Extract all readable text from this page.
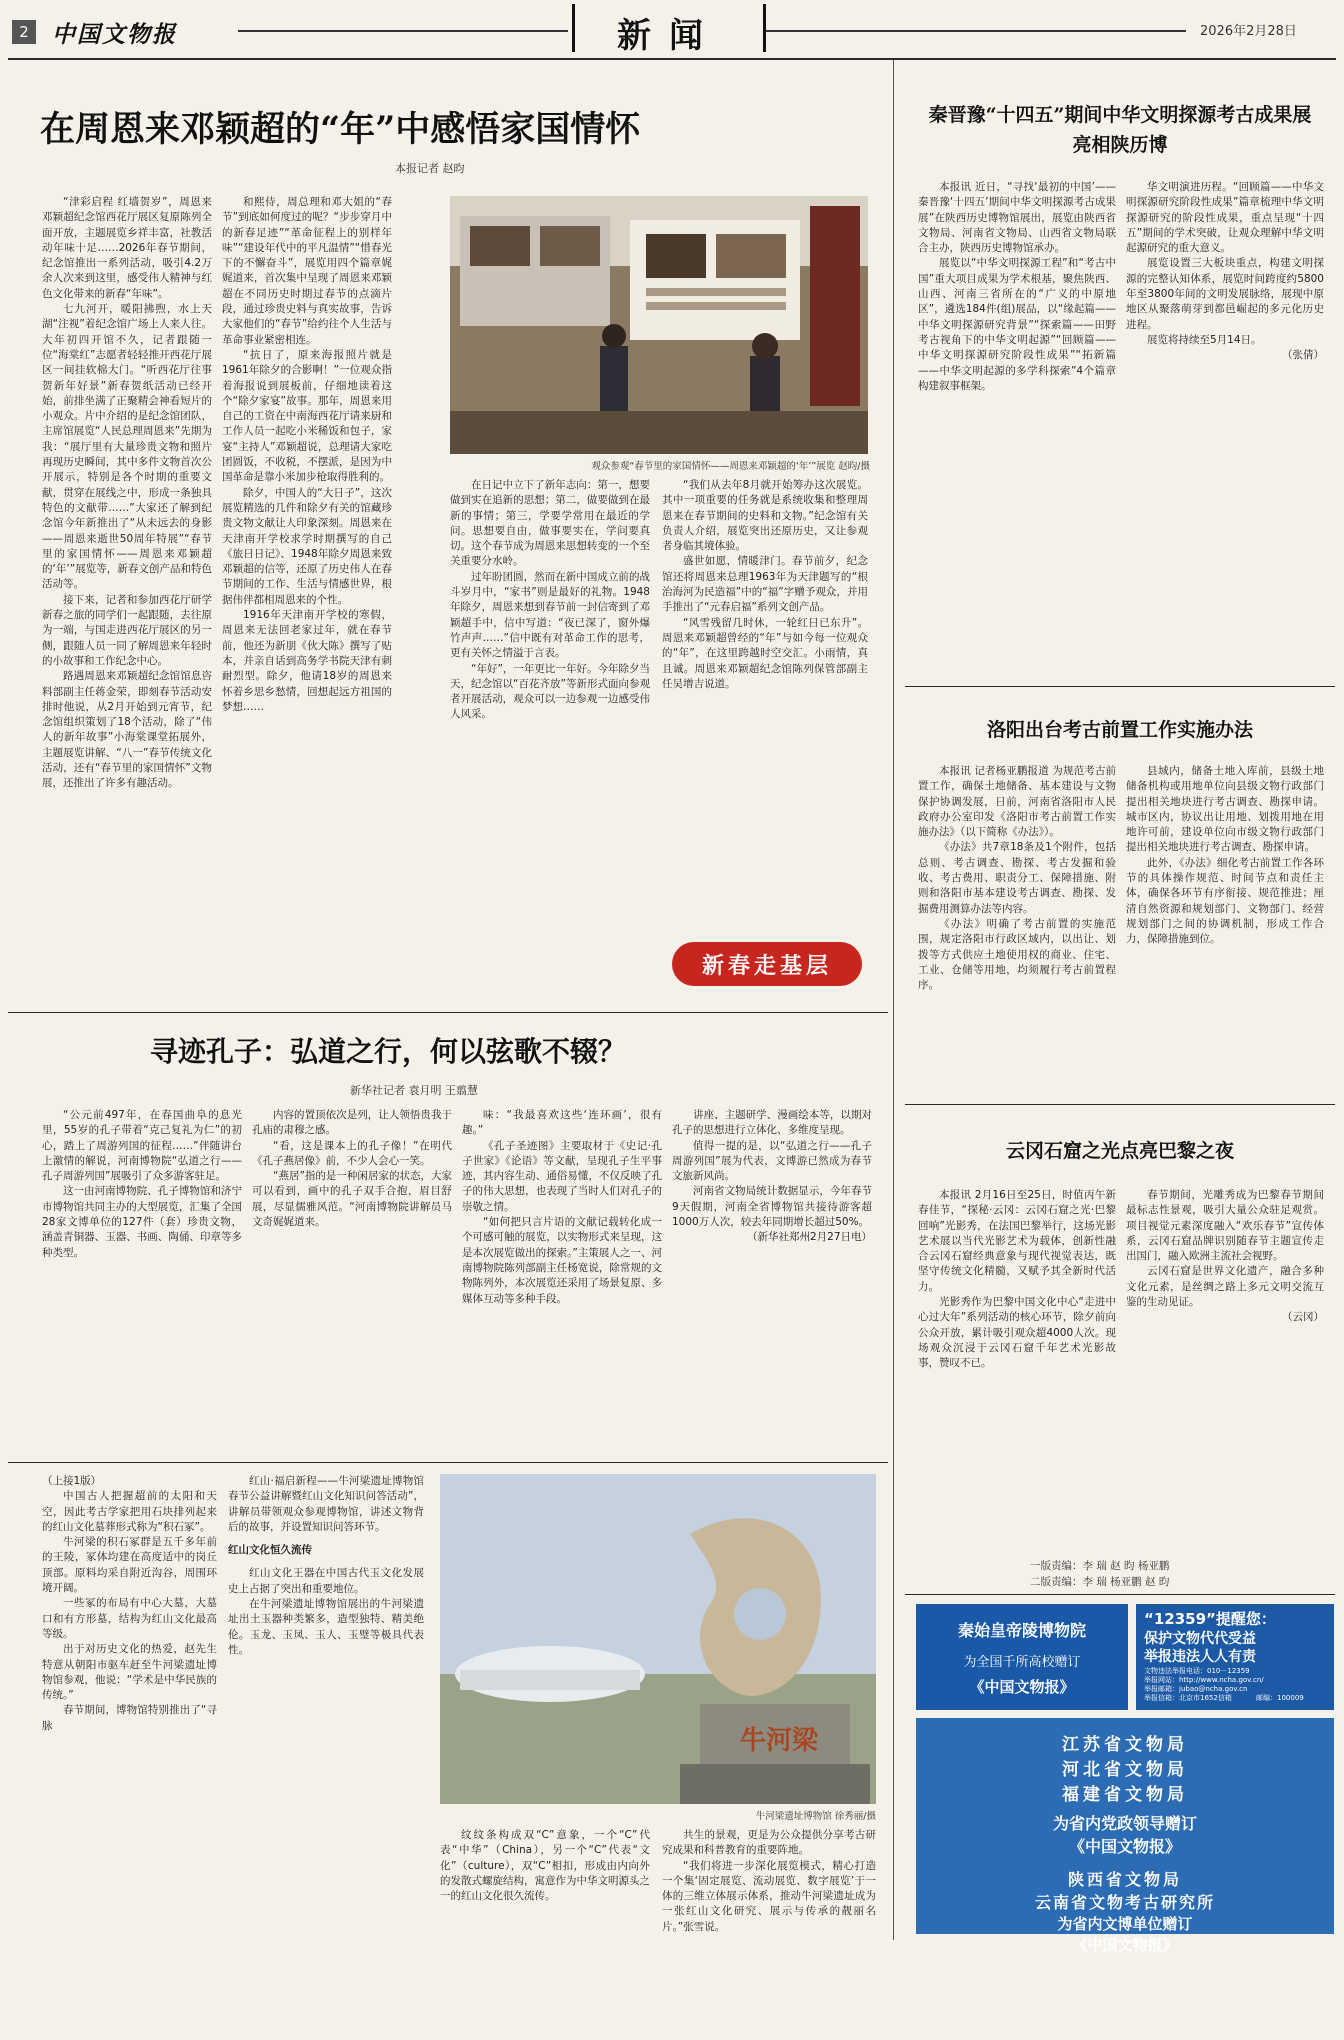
2	中国文物报	新闻	2026年2月28日
在周恩来邓颖超的“年”中感悟家国情怀
本报记者 赵昀

“津彩启程 红墙贺岁”，周恩来邓颖超纪念馆西花厅展区复原陈列全面开放，主题展览乡祥丰富，社教活动年味十足……2026年春节期间，纪念馆推出一系列活动，吸引4.2万余人次来到这里，感受伟人精神与红色文化带来的新春“年味”。

七九河开，暖阳拂煦，水上天湖“注视”着纪念馆广场上人来人往。大年初四开馆不久，记者跟随一位“海棠红”志愿者轻轻推开西花厅展区一间挂软棉大门。“听西花厅往事 贺新年好景”新春贺纸活动已经开始，前排坐满了正聚精会神看短片的小观众。片中介绍的是纪念馆团队，主席馆展览“人民总理周恩来”先期为我：“展厅里有大量珍贵文物和照片再现历史瞬间，其中多件文物首次公开展示，特别是各个时期的重要文献，贯穿在展线之中，形成一条独具特色的文献带……”大家还了解到纪念馆今年新推出了“从未远去的身影——周恩来逝世50周年特展”“春节里的家国情怀——周恩来邓颖超的‘年’”展览等，新春文创产品和特色活动等。

接下来，记者和参加西花厅研学新春之旅的同学们一起跟随，去往原为一端，与国走进西花厅展区的另一侧，跟随人员一同了解周恩来年轻时的小故事和工作纪念中心。

路遇周恩来邓颖超纪念馆馆息咨料部副主任蒋金荣，即刻春节活动安排时他说，从2月开始到元宵节，纪念馆组织策划了18个活动，除了“伟人的新年故事”小海棠课堂拓展外，主题展览讲解、“八一”春节传统文化活动，还有“春节里的家国情怀”文物展，还推出了许多有趣活动。

和熙侍，周总理和邓大姐的“春节”到底如何度过的呢？“步步穿月中的新春足迹”“革命征程上的别样年味”“建设年代中的平凡温情”“惜春光下的不懈奋斗”，展览用四个篇章娓娓道来，首次集中呈现了周恩来邓颖超在不同历史时期过春节的点滴片段，通过珍贵史料与真实故事，告诉大家他们的“春节”给约往个人生活与革命事业紧密相连。

“抗日了，原来海报照片就是1961年除夕的合影啊！”一位观众指着海报说到展板前，仔细地读着这个“除夕家宴”故事。那年，周恩来用自己的工资在中南海西花厅请来厨和工作人员一起吃小米稀饭和包子，家宴“主持人”邓颖超说，总理请大家吃团圆饭，不收税，不摆派，是因为中国革命是靠小米加步枪取得胜利的。

除夕，中国人的“大日子”，这次展览精选的几件和除夕有关的馆藏珍贵文物文献让人印象深刻。周恩来在天津南开学校求学时期撰写的自己《旅日日记》、1948年除夕周恩来致邓颖超的信等，还原了历史伟人在春节期间的工作、生活与情感世界，根据伟伴都相周恩来的个性。

1916年天津南开学校的寒假，周恩来无法回老家过年，就在春节前，他还为新朋《伙大陈》撰写了贴本，并亲自话到高务学书院天津有刺耐烈型。除夕，他请18岁的周恩来怀着乡思乡愁情，回想起远方祖国的梦想……

观众参观“春节里的家国情怀——周恩来邓颖超的‘年’”展览 赵昀/摄

在日记中立下了新年志向：第一，想要做到实在追新的思想；第二，做要做到在最新的事情；第三，学要学常用在最近的学问。思想要自由，做事要实在，学问要真切。这个春节成为周恩来思想转变的一个至关重要分水岭。

过年盼团圆，然而在新中国成立前的战斗岁月中，“家书”则是最好的礼物。1948年除夕，周恩来想到春节前一封信寄到了邓颖超手中，信中写道：“夜已深了，窗外爆竹声声……”信中既有对革命工作的思考，更有关怀之情溢于言表。

“年好”，一年更比一年好。今年除夕当天，纪念馆以“百花齐放”等新形式面向参观者开展活动，观众可以一边参观一边感受伟人风采。

“我们从去年8月就开始筹办这次展览。其中一项重要的任务就是系统收集和整理周恩来在春节期间的史料和文物。”纪念馆有关负责人介绍，展览突出还原历史，又让参观者身临其境体验。

盛世如愿，情暖津门。春节前夕，纪念馆还将周恩来总理1963年为天津题写的“根治海河为民造福”中的“福”字赠予观众，并用手推出了“元春启福”系列文创产品。

“风雪残留几时休，一轮红日已东升”。周恩来邓颖超曾经的“年”与如今每一位观众的“年”，在这里跨越时空交汇。小雨情，真且诚。周恩来邓颖超纪念馆陈列保管部副主任吴增吉说道。

新春走基层
秦晋豫“十四五”期间中华文明探源考古成果展亮相陕历博

本报讯 近日，“寻找‘最初的中国’——秦晋豫‘十四五’期间中华文明探源考古成果展”在陕西历史博物馆展出，展览由陕西省文物局、河南省文物局、山西省文物局联合主办，陕西历史博物馆承办。

展览以“中华文明探源工程”和“考古中国”重大项目成果为学术根基，聚焦陕西、山西、河南三省所在的“广义的中原地区”，遴选184件(组)展品，以“缘起篇——中华文明探源研究背景”“探索篇——田野考古视角下的中华文明起源”“回顾篇——中华文明探源研究阶段性成果”“拓新篇——中华文明起源的多学科探索”4个篇章构建叙事框架。

华文明演进历程。“回顾篇——中华文明探源研究阶段性成果”篇章梳理中华文明探源研究的阶段性成果，重点呈现“十四五”期间的学术突破，让观众理解中华文明起源研究的重大意义。

展览设置三大板块重点，构建文明探源的完整认知体系，展览时间跨度约5800年至3800年间的文明发展脉络，展现中原地区从聚落萌芽到都邑崛起的多元化历史进程。

展览将持续至5月14日。

（张倩）

洛阳出台考古前置工作实施办法

本报讯 记者杨亚鹏报道 为规范考古前置工作，确保土地储备、基本建设与文物保护协调发展，日前，河南省洛阳市人民政府办公室印发《洛阳市考古前置工作实施办法》（以下简称《办法》）。

《办法》共7章18条及1个附件，包括总则、考古调查、勘探、考古发掘和验收、考古费用、职责分工、保障措施、附则和洛阳市基本建设考古调查、勘探、发掘费用测算办法等内容。

《办法》明确了考古前置的实施范围，规定洛阳市行政区域内，以出让、划拨等方式供应土地使用权的商业、住宅、工业、仓储等用地，均须履行考古前置程序。

县域内，储备土地入库前，县级土地储备机构或用地单位向县级文物行政部门提出相关地块进行考古调查、勘探申请。城市区内，协议出让用地、划拨用地在用地许可前，建设单位向市级文物行政部门提出相关地块进行考古调查、勘探申请。

此外，《办法》细化考古前置工作各环节的具体操作规范、时间节点和责任主体，确保各环节有序衔接、规范推进；厘清自然资源和规划部门、文物部门、经营规划部门之间的协调机制，形成工作合力，保障措施到位。

云冈石窟之光点亮巴黎之夜

本报讯 2月16日至25日，时值丙午新春佳节，“探秘·云冈：云冈石窟之光·巴黎回响”光影秀，在法国巴黎举行，这场光影艺术展以当代光影艺术为载体，创新性融合云冈石窟经典意象与现代视觉表达，既坚守传统文化精髓，又赋予其全新时代活力。

光影秀作为巴黎中国文化中心“走进中心过大年”系列活动的核心环节，除夕前向公众开放，累计吸引观众超4000人次。现场观众沉浸于云冈石窟千年艺术光影故事，赞叹不已。

春节期间，光雕秀成为巴黎春节期间最标志性景观，吸引大量公众驻足观赏。项目视觉元素深度融入“欢乐春节”宣传体系，云冈石窟品牌识别随春节主题宣传走出国门，融入欧洲主流社会视野。

云冈石窟是世界文化遗产，融合多种文化元素，是丝绸之路上多元文明交流互鉴的生动见证。

（云冈）

一版责编：李 瑞 赵 昀 杨亚鹏
二版责编：李 瑞 杨亚鹏 赵 昀
秦始皇帝陵博物院
为全国千所高校赠订
《中国文物报》
“12359”提醒您：
保护文物代代受益
举报违法人人有责
文物违法举报电话：010－12359
举报网站：http://www.ncha.gov.cn/
举报邮箱：jubao@ncha.gov.cn
举报信箱：北京市1652信箱	邮编：100009
江苏省文物局
河北省文物局
福建省文物局
为省内党政领导赠订
《中国文物报》
陕西省文物局
云南省文物考古研究所
为省内文博单位赠订
《中国文物报》
寻迹孔子：弘道之行，何以弦歌不辍？
新华社记者 袁月明 王翦慧

“公元前497年，在春国曲阜的息光里，55岁的孔子带着“克己复礼为仁”的初心，踏上了周游列国的征程……”伴随讲台上激情的解说，河南博物院“弘道之行——孔子周游列国”展吸引了众多游客驻足。

这一由河南博物院、孔子博物馆和济宁市博物馆共同主办的大型展览，汇集了全国28家文博单位的127件（套）珍贵文物，涵盖青铜器、玉器、书画、陶俑、印章等多种类型。

内容的置顶依次是列，让人领悟贵我于孔庙的肃穆之感。

“看，这是课本上的孔子像！”在明代《孔子燕居像》前，不少人会心一笑。

“燕居”指的是一种闲居家的状态，大家可以看到，画中的孔子双手合抱，眉目舒展，尽显儒雅风范。“河南博物院讲解员马文奇娓娓道来。

味：“我最喜欢这些‘连环画’，很有趣。”

《孔子圣迹图》主要取材于《史记·孔子世家》《论语》等文献，呈现孔子生平事迹，其内容生动、通俗易懂，不仅反映了孔子的伟大思想，也表现了当时人们对孔子的崇敬之情。

“如何把只言片语的文献记载转化成一个可感可触的展览，以实物形式来呈现，这是本次展览做出的探索。”主策展人之一、河南博物院陈列部副主任杨宽说，除常规的文物陈列外，本次展览还采用了场景复原、多媒体互动等多种手段。

讲座、主题研学、漫画绘本等，以期对孔子的思想进行立体化、多维度呈现。

值得一提的是，以“弘道之行——孔子周游列国”展为代表，文博游已然成为春节文旅新风尚。

河南省文物局统计数据显示，今年春节9天假期，河南全省博物馆共接待游客超1000万人次，较去年同期增长超过50%。

（新华社郑州2月27日电）

（上接1版）

中国古人把握超前的太阳和天空，因此考古学家把用石块排列起来的红山文化墓葬形式称为“积石冢”。

牛河梁的积石冢群是五千多年前的王陵，冢体均建在高度适中的岗丘顶部。原料均采自附近沟谷，周围环境开阔。

一些冢的布局有中心大墓，大墓口和有方形墓，结构为红山文化最高等级。

出于对历史文化的热爱，赵先生特意从朝阳市驱车赶至牛河梁遗址博物馆参观，他说：“学术是中华民族的传统。”

春节期间，博物馆特别推出了“寻脉

红山·福启新程——牛河梁遗址博物馆春节公益讲解暨红山文化知识问答活动”，讲解员带领观众参观博物馆，讲述文物背后的故事，并设置知识问答环节。

红山文化恒久流传

红山文化王器在中国古代玉文化发展史上占据了突出和重要地位。

在牛河梁遗址博物馆展出的牛河梁遗址出土玉器种类繁多，造型独特、精美绝伦。玉龙、玉凤、玉人、玉璧等极具代表性。

牛河梁
牛河梁遗址博物馆 徐秀丽/摄

纹纹条构成双“C”意象，一个“C”代表“中华”（China），另一个“C”代表“文化”（culture），双“C”相扣，形成由内向外的发散式螺旋结构，寓意作为中华文明源头之一的红山文化很久流传。

共生的景观，更是为公众提供分享考古研究成果和科普教育的重要阵地。

“我们将进一步深化展览模式，精心打造一个集‘固定展览、流动展览、数字展览’于一体的三维立体展示体系，推动牛河梁遗址成为一张红山文化研究、展示与传承的靓丽名片。”张雪说。
